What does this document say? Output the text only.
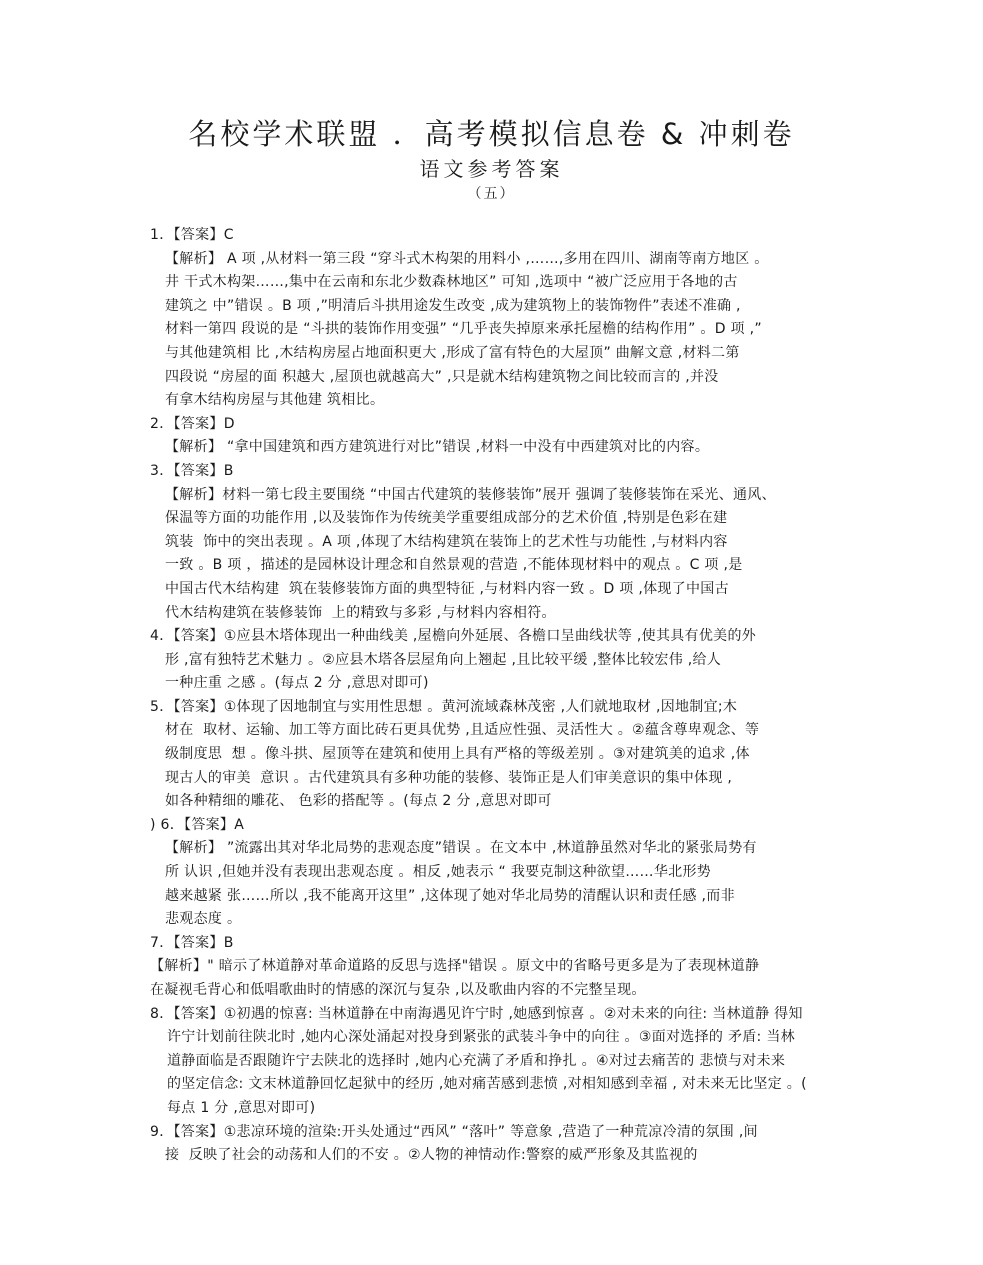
名校学术联盟 ．高考模拟信息卷 & 冲刺卷
语文参考答案
（五）
1．【答案】C
【解析】 A 项 ,从材料一第三段 “穿斗式木构架的用料小 ,……,多用在四川、湖南等南方地区 。
井 干式木构架……,集中在云南和东北少数森林地区” 可知 ,选项中 “被广泛应用于各地的古
建筑之 中”错误 。B 项 ,”明清后斗拱用途发生改变 ,成为建筑物上的装饰物件”表述不准确 ,
材料一第四 段说的是 “斗拱的装饰作用变强” “几乎丧失掉原来承托屋檐的结构作用” 。D 项 ,”
与其他建筑相 比 ,木结构房屋占地面积更大 ,形成了富有特色的大屋顶” 曲解文意 ,材料二第
四段说 “房屋的面 积越大 ,屋顶也就越高大” ,只是就木结构建筑物之间比较而言的 ,并没
有拿木结构房屋与其他建 筑相比。
2．【答案】D
【解析】 “拿中国建筑和西方建筑进行对比”错误 ,材料一中没有中西建筑对比的内容。
3．【答案】B
【解析】材料一第七段主要围绕 “中国古代建筑的装修装饰”展开 强调了装修装饰在采光、通风、
保温等方面的功能作用 ,以及装饰作为传统美学重要组成部分的艺术价值 ,特别是色彩在建
筑装  饰中的突出表现 。A 项 ,体现了木结构建筑在装饰上的艺术性与功能性 ,与材料内容
一致 。B 项 ，描述的是园林设计理念和自然景观的营造 ,不能体现材料中的观点 。C 项 ,是
中国古代木结构建  筑在装修装饰方面的典型特征 ,与材料内容一致 。D 项 ,体现了中国古
代木结构建筑在装修装饰  上的精致与多彩 ,与材料内容相符。
4．【答案】①应县木塔体现出一种曲线美 ,屋檐向外延展、各檐口呈曲线状等 ,使其具有优美的外
形 ,富有独特艺术魅力 。②应县木塔各层屋角向上翘起 ,且比较平缓 ,整体比较宏伟 ,给人
一种庄重 之感 。(每点 2 分 ,意思对即可)
5．【答案】①体现了因地制宜与实用性思想 。黄河流域森林茂密 ,人们就地取材 ,因地制宜;木
材在  取材、运输、加工等方面比砖石更具优势 ,且适应性强、灵活性大 。②蕴含尊卑观念、等
级制度思  想 。像斗拱、屋顶等在建筑和使用上具有严格的等级差别 。③对建筑美的追求 ,体
现古人的审美  意识 。古代建筑具有多种功能的装修、装饰正是人们审美意识的集中体现 ,
如各种精细的雕花、 色彩的搭配等 。(每点 2 分 ,意思对即可
) 6．【答案】A
【解析】 ”流露出其对华北局势的悲观态度”错误 。在文本中 ,林道静虽然对华北的紧张局势有
所 认识 ,但她并没有表现出悲观态度 。相反 ,她表示 “ 我要克制这种欲望……华北形势
越来越紧 张……所以 ,我不能离开这里” ,这体现了她对华北局势的清醒认识和责任感 ,而非
悲观态度 。
7．【答案】B
【解析】" 暗示了林道静对革命道路的反思与选择"错误 。原文中的省略号更多是为了表现林道静
在凝视毛背心和低唱歌曲时的情感的深沉与复杂 ,以及歌曲内容的不完整呈现。
8．【答案】①初遇的惊喜: 当林道静在中南海遇见许宁时 ,她感到惊喜 。②对未来的向往: 当林道静 得知
许宁计划前往陕北时 ,她内心深处涌起对投身到紧张的武装斗争中的向往 。③面对选择的 矛盾: 当林
道静面临是否跟随许宁去陕北的选择时 ,她内心充满了矛盾和挣扎 。④对过去痛苦的 悲愤与对未来
的坚定信念: 文末林道静回忆起狱中的经历 ,她对痛苦感到悲愤 ,对相知感到幸福 , 对未来无比坚定 。(
每点 1 分 ,意思对即可)
9．【答案】①悲凉环境的渲染:开头处通过“西风” “落叶” 等意象 ,营造了一种荒凉冷清的氛围 ,间
接  反映了社会的动荡和人们的不安 。②人物的神情动作:警察的威严形象及其监视的
